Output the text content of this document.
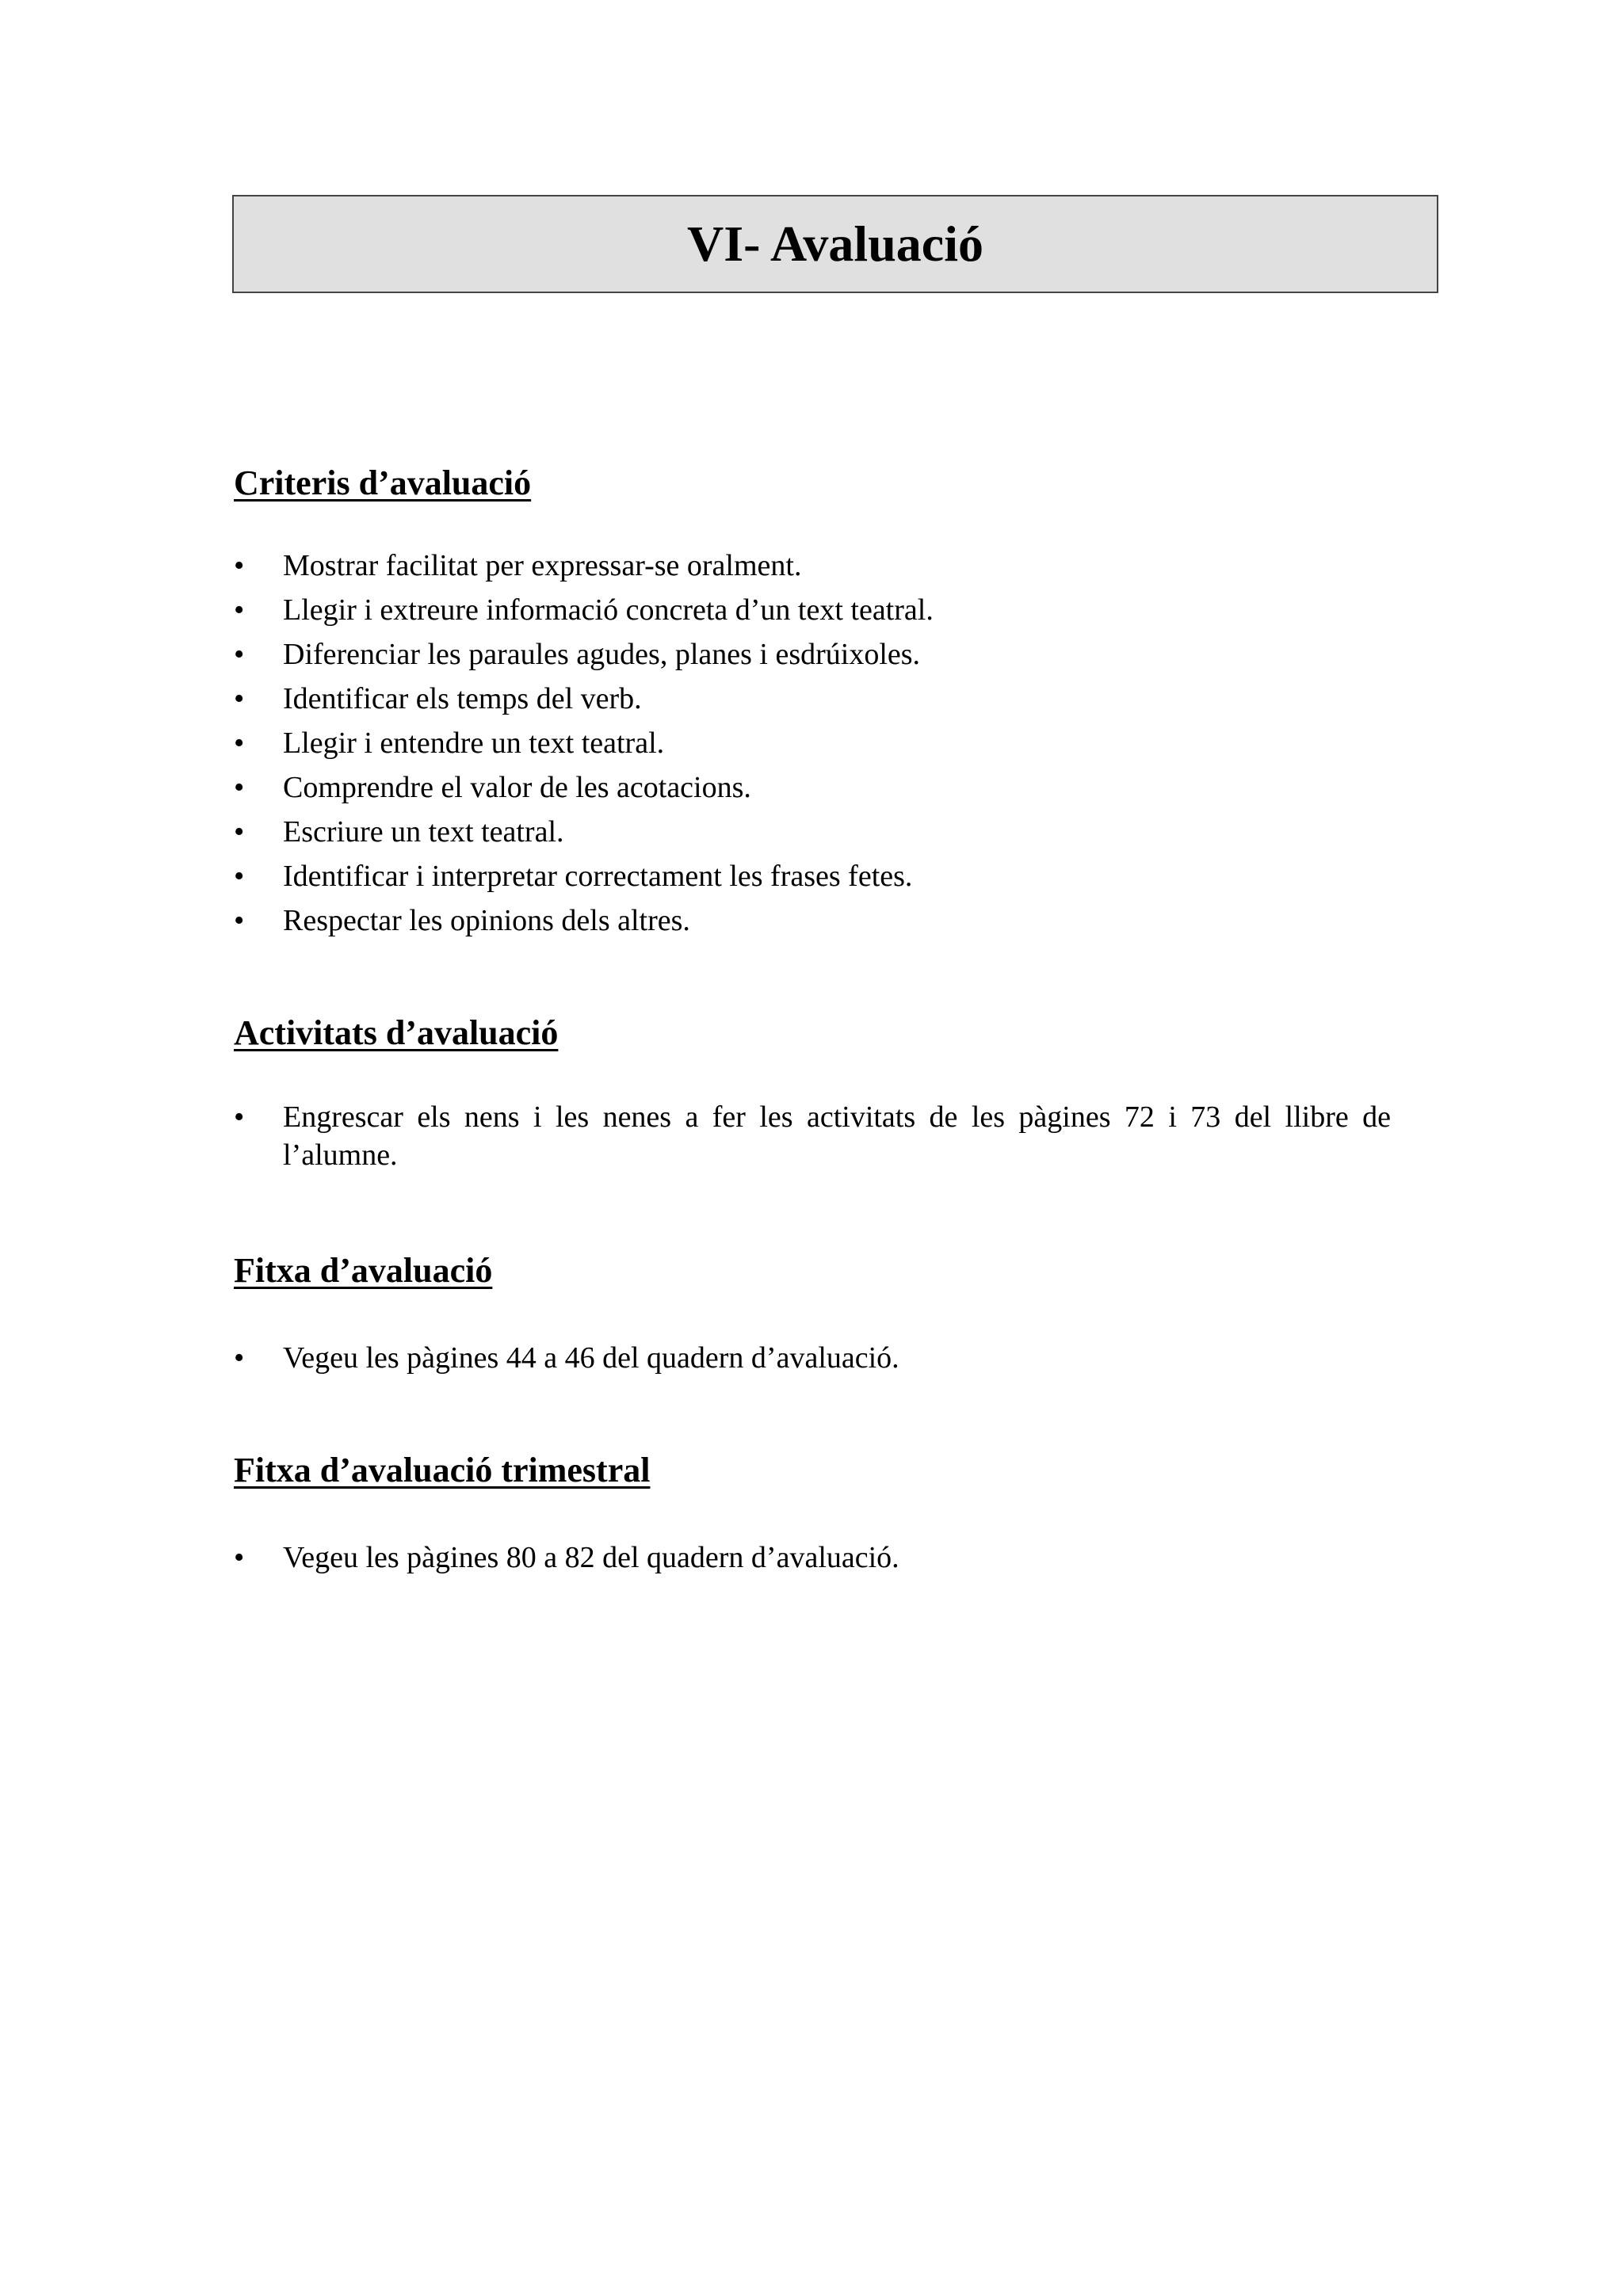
VI- Avaluació
Criteris d’avaluació
•	Mostrar facilitat per expressar-se oralment.
•	Llegir i extreure informació concreta d’un text teatral.
•	Diferenciar les paraules agudes, planes i esdrúixoles.
•	Identificar els temps del verb.
•	Llegir i entendre un text teatral.
•	Comprendre el valor de les acotacions.
•	Escriure un text teatral.
•	Identificar i interpretar correctament les frases fetes.
•	Respectar les opinions dels altres.
Activitats d’avaluació
•	Engrescar els nens i les nenes a fer les activitats de les pàgines 72 i 73 del llibre de l’alumne.
Fitxa d’avaluació
•	Vegeu les pàgines 44 a 46 del quadern d’avaluació.
Fitxa d’avaluació trimestral
•	Vegeu les pàgines 80 a 82 del quadern d’avaluació.
